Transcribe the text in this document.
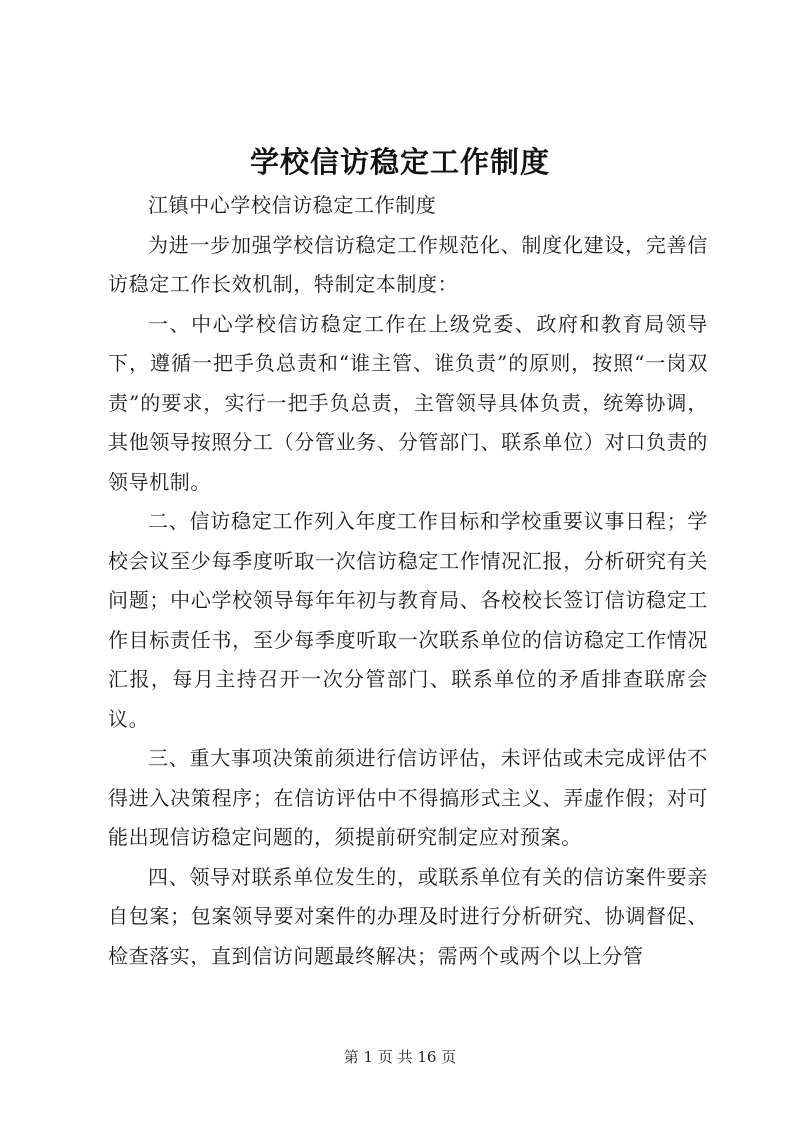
学校信访稳定工作制度

江镇中心学校信访稳定工作制度

为进一步加强学校信访稳定工作规范化、制度化建设，完善信访稳定工作长效机制，特制定本制度：

一、中心学校信访稳定工作在上级党委、政府和教育局领导下，遵循一把手负总责和“谁主管、谁负责”的原则，按照“一岗双责”的要求，实行一把手负总责，主管领导具体负责，统筹协调，其他领导按照分工（分管业务、分管部门、联系单位）对口负责的领导机制。

二、信访稳定工作列入年度工作目标和学校重要议事日程；学校会议至少每季度听取一次信访稳定工作情况汇报，分析研究有关问题；中心学校领导每年年初与教育局、各校校长签订信访稳定工作目标责任书，至少每季度听取一次联系单位的信访稳定工作情况汇报，每月主持召开一次分管部门、联系单位的矛盾排查联席会议。

三、重大事项决策前须进行信访评估，未评估或未完成评估不得进入决策程序；在信访评估中不得搞形式主义、弄虚作假；对可能出现信访稳定问题的，须提前研究制定应对预案。

四、领导对联系单位发生的，或联系单位有关的信访案件要亲自包案；包案领导要对案件的办理及时进行分析研究、协调督促、检查落实，直到信访问题最终解决；需两个或两个以上分管

第 1 页 共 16 页
